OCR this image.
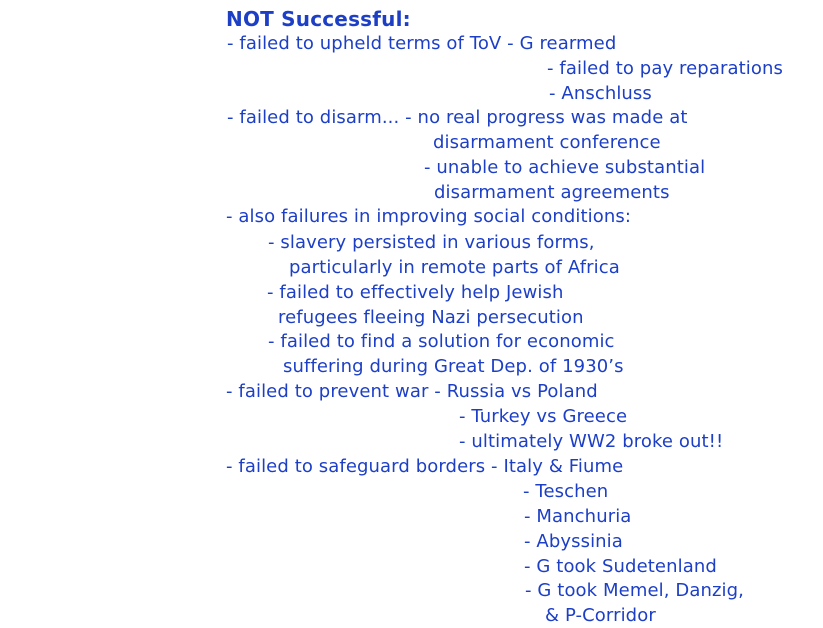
NOT Successful:
- failed to upheld terms of ToV - G rearmed
- failed to pay reparations
- Anschluss
- failed to disarm... - no real progress was made at
disarmament conference
- unable to achieve substantial
disarmament agreements
- also failures in improving social conditions:
- slavery persisted in various forms,
particularly in remote parts of Africa
- failed to effectively help Jewish
refugees fleeing Nazi persecution
- failed to find a solution for economic
suffering during Great Dep. of 1930’s
- failed to prevent war - Russia vs Poland
- Turkey vs Greece
- ultimately WW2 broke out!!
- failed to safeguard borders - Italy & Fiume
- Teschen
- Manchuria
- Abyssinia
- G took Sudetenland
- G took Memel, Danzig,
& P-Corridor
